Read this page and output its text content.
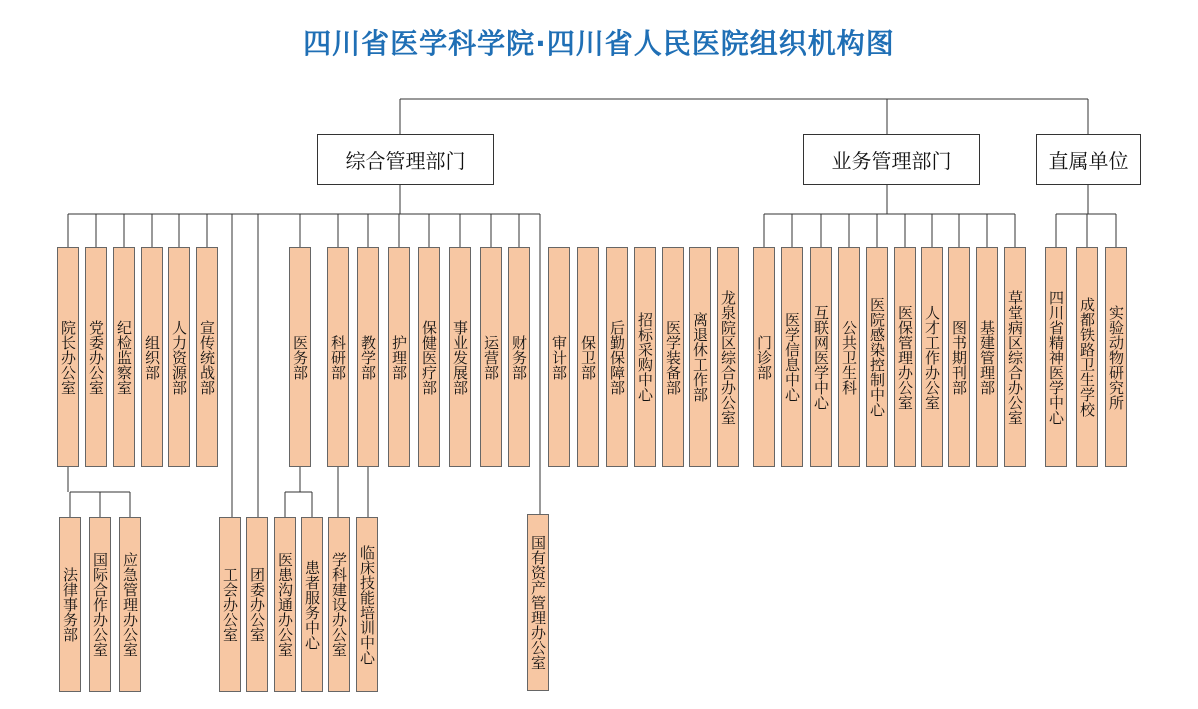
四川省医学科学院·四川省人民医院组织机构图
综合管理部门	业务管理部门	直属单位
院长办公室 党委办公室 纪检监察室 组织部 人力资源部 宣传统战部	医务部 科研部 教学部 护理部 保健医疗部 事业发展部 运营部 财务部 审计部 保卫部 后勤保障部 招标采购中心 医学装备部 离退休工作部 龙泉院区综合办公室 门诊部 医学信息中心 互联网医学中心 公共卫生科 医院感染控制中心 医保管理办公室 人才工作办公室 图书期刊部 基建管理部 草堂病区综合办公室 四川省精神医学中心 成都铁路卫生学校 实验动物研究所
法律事务部 国际合作办公室 应急管理办公室	工会办公室 团委办公室 医患沟通办公室 患者服务中心 学科建设办公室 临床技能培训中心	国有资产管理办公室
